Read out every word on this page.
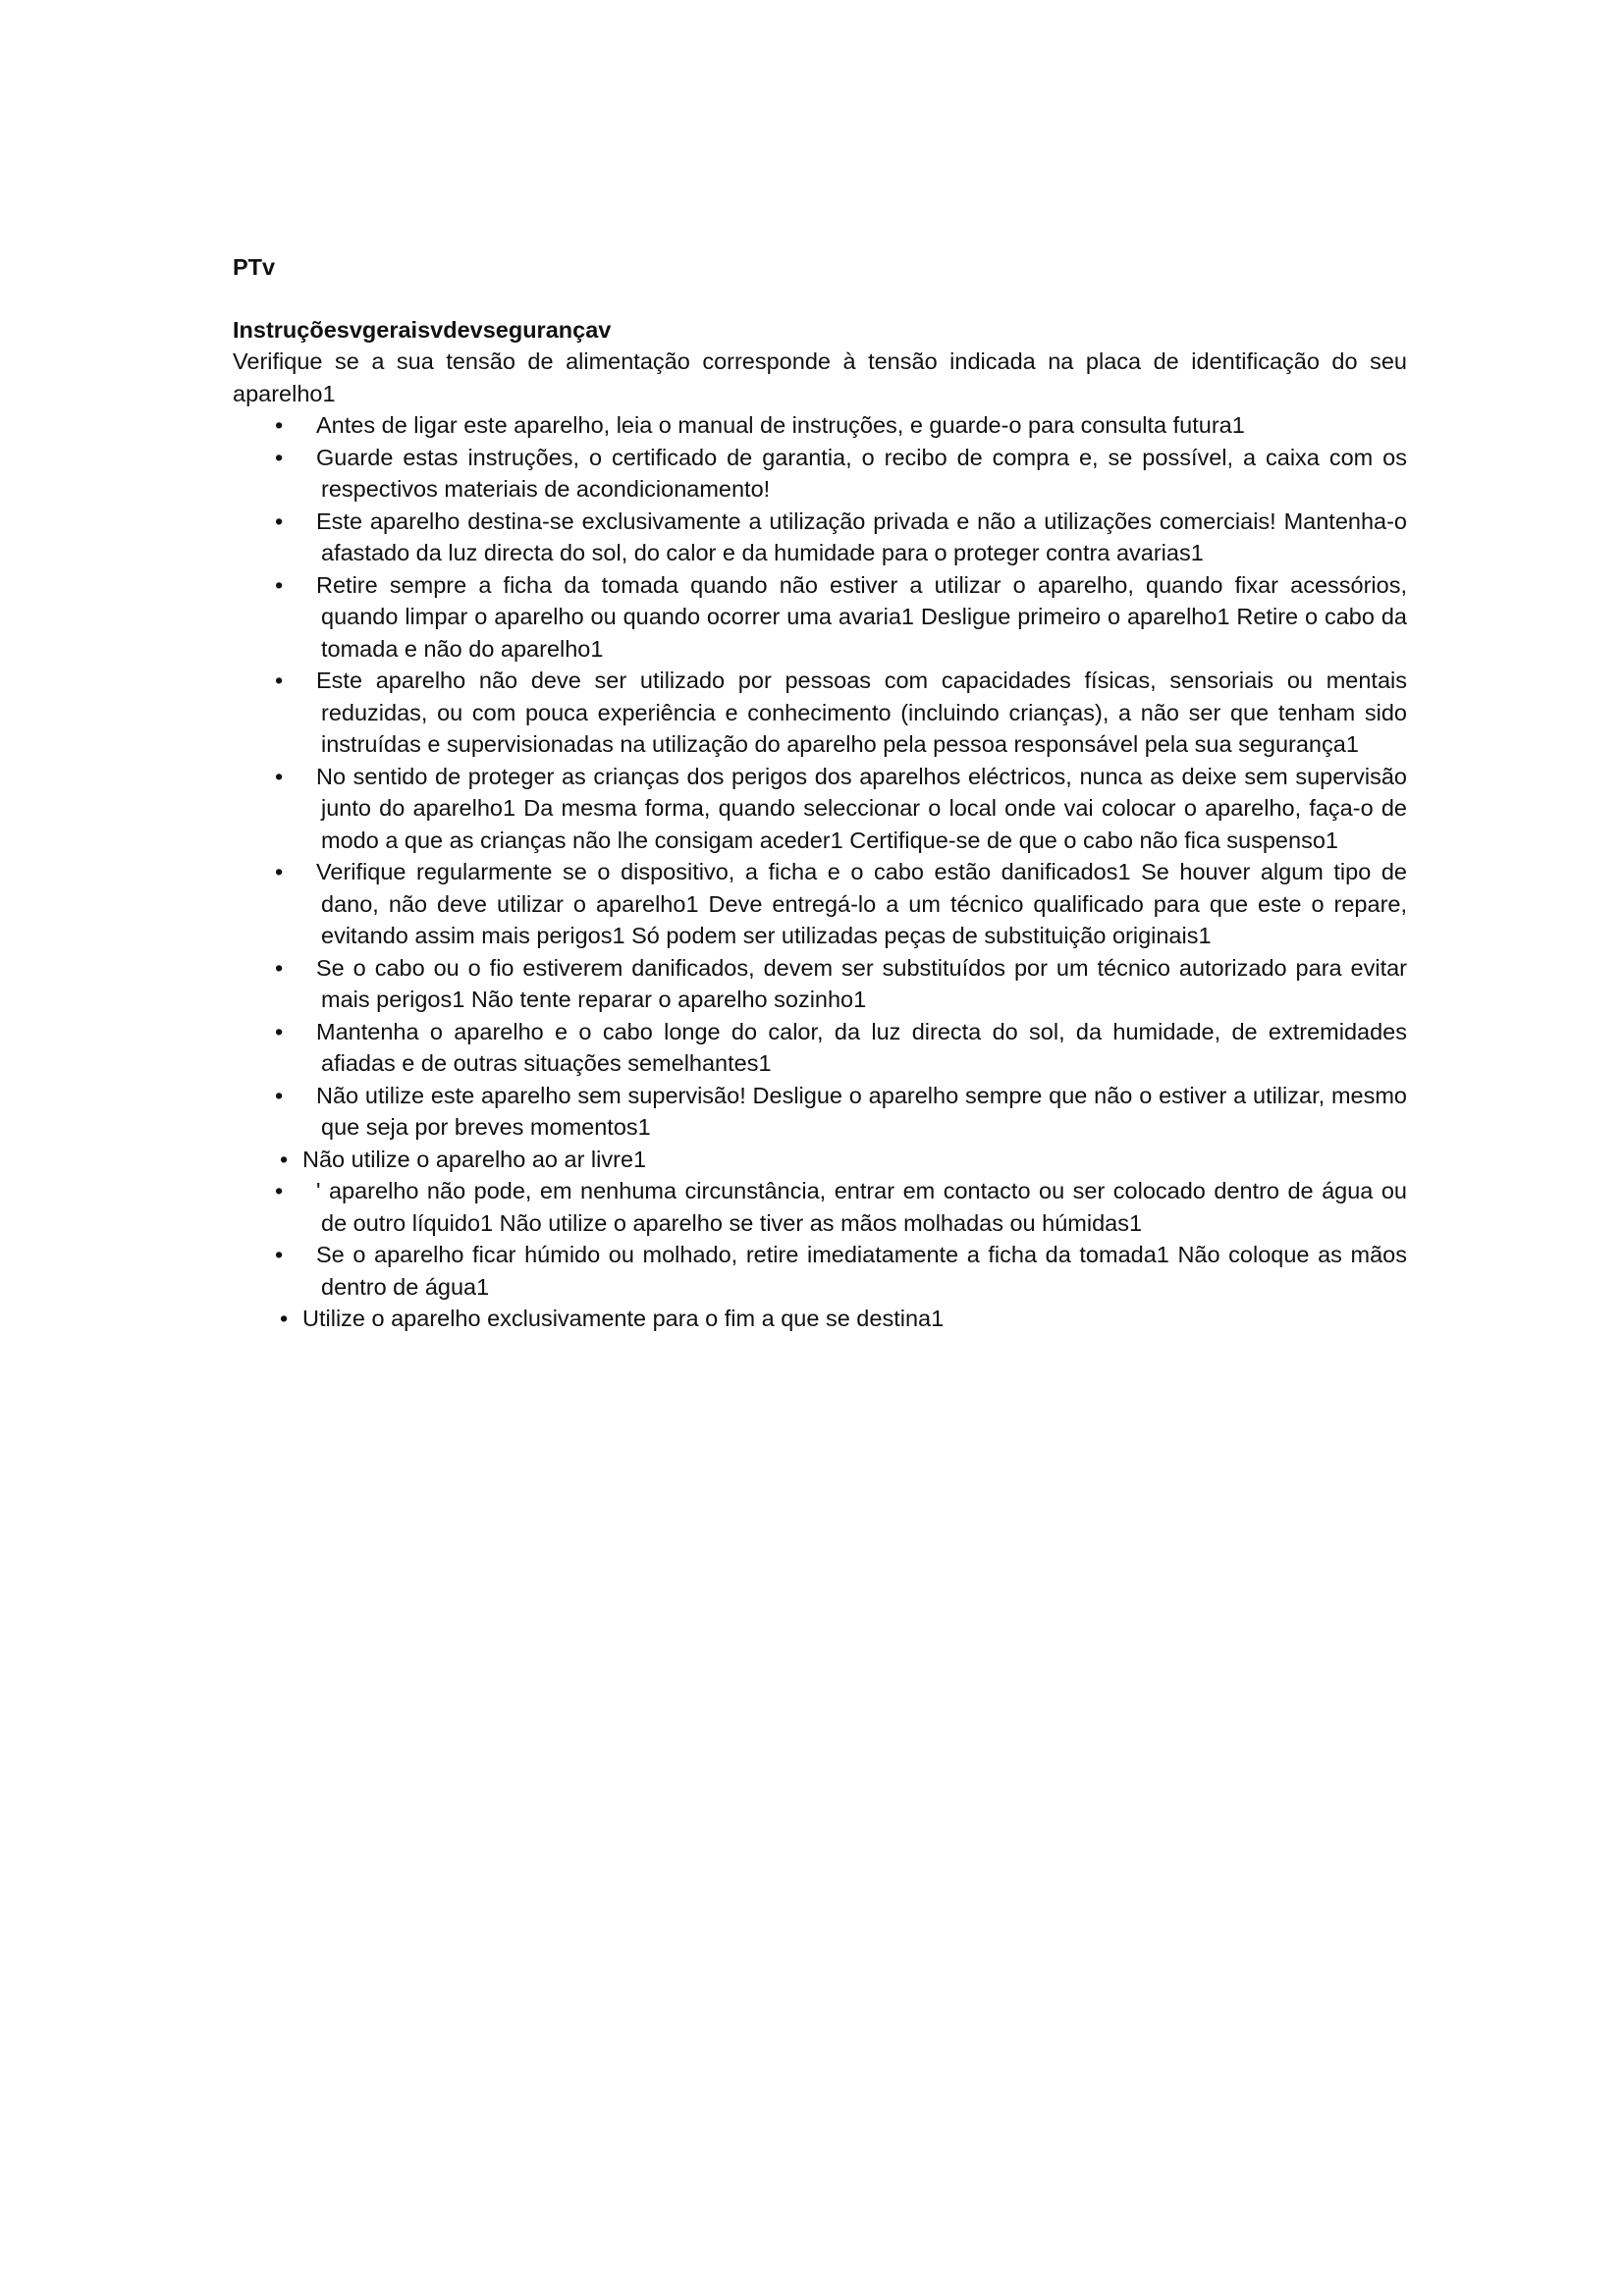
PTv

Instruçõesvgeraisvdevsegurançav

Verifique se a sua tensão de alimentação corresponde à tensão indicada na placa de identificação do seu aparelho1

• Antes de ligar este aparelho, leia o manual de instruções, e guarde-o para consulta futura1
• Guarde estas instruções, o certificado de garantia, o recibo de compra e, se possível, a caixa com os respectivos materiais de acondicionamento!
• Este aparelho destina-se exclusivamente a utilização privada e não a utilizações comerciais! Mantenha-o afastado da luz directa do sol, do calor e da humidade para o proteger contra avarias1
• Retire sempre a ficha da tomada quando não estiver a utilizar o aparelho, quando fixar acessórios, quando limpar o aparelho ou quando ocorrer uma avaria1 Desligue primeiro o aparelho1 Retire o cabo da tomada e não do aparelho1
• Este aparelho não deve ser utilizado por pessoas com capacidades físicas, sensoriais ou mentais reduzidas, ou com pouca experiência e conhecimento (incluindo crianças), a não ser que tenham sido instruídas e supervisionadas na utilização do aparelho pela pessoa responsável pela sua segurança1
• No sentido de proteger as crianças dos perigos dos aparelhos eléctricos, nunca as deixe sem supervisão junto do aparelho1 Da mesma forma, quando seleccionar o local onde vai colocar o aparelho, faça-o de modo a que as crianças não lhe consigam aceder1 Certifique-se de que o cabo não fica suspenso1
• Verifique regularmente se o dispositivo, a ficha e o cabo estão danificados1 Se houver algum tipo de dano, não deve utilizar o aparelho1 Deve entregá-lo a um técnico qualificado para que este o repare, evitando assim mais perigos1 Só podem ser utilizadas peças de substituição originais1
• Se o cabo ou o fio estiverem danificados, devem ser substituídos por um técnico autorizado para evitar mais perigos1 Não tente reparar o aparelho sozinho1
• Mantenha o aparelho e o cabo longe do calor, da luz directa do sol, da humidade, de extremidades afiadas e de outras situações semelhantes1
• Não utilize este aparelho sem supervisão! Desligue o aparelho sempre que não o estiver a utilizar, mesmo que seja por breves momentos1
• Não utilize o aparelho ao ar livre1
• ' aparelho não pode, em nenhuma circunstância, entrar em contacto ou ser colocado dentro de água ou de outro líquido1 Não utilize o aparelho se tiver as mãos molhadas ou húmidas1
• Se o aparelho ficar húmido ou molhado, retire imediatamente a ficha da tomada1 Não coloque as mãos dentro de água1
• Utilize o aparelho exclusivamente para o fim a que se destina1
